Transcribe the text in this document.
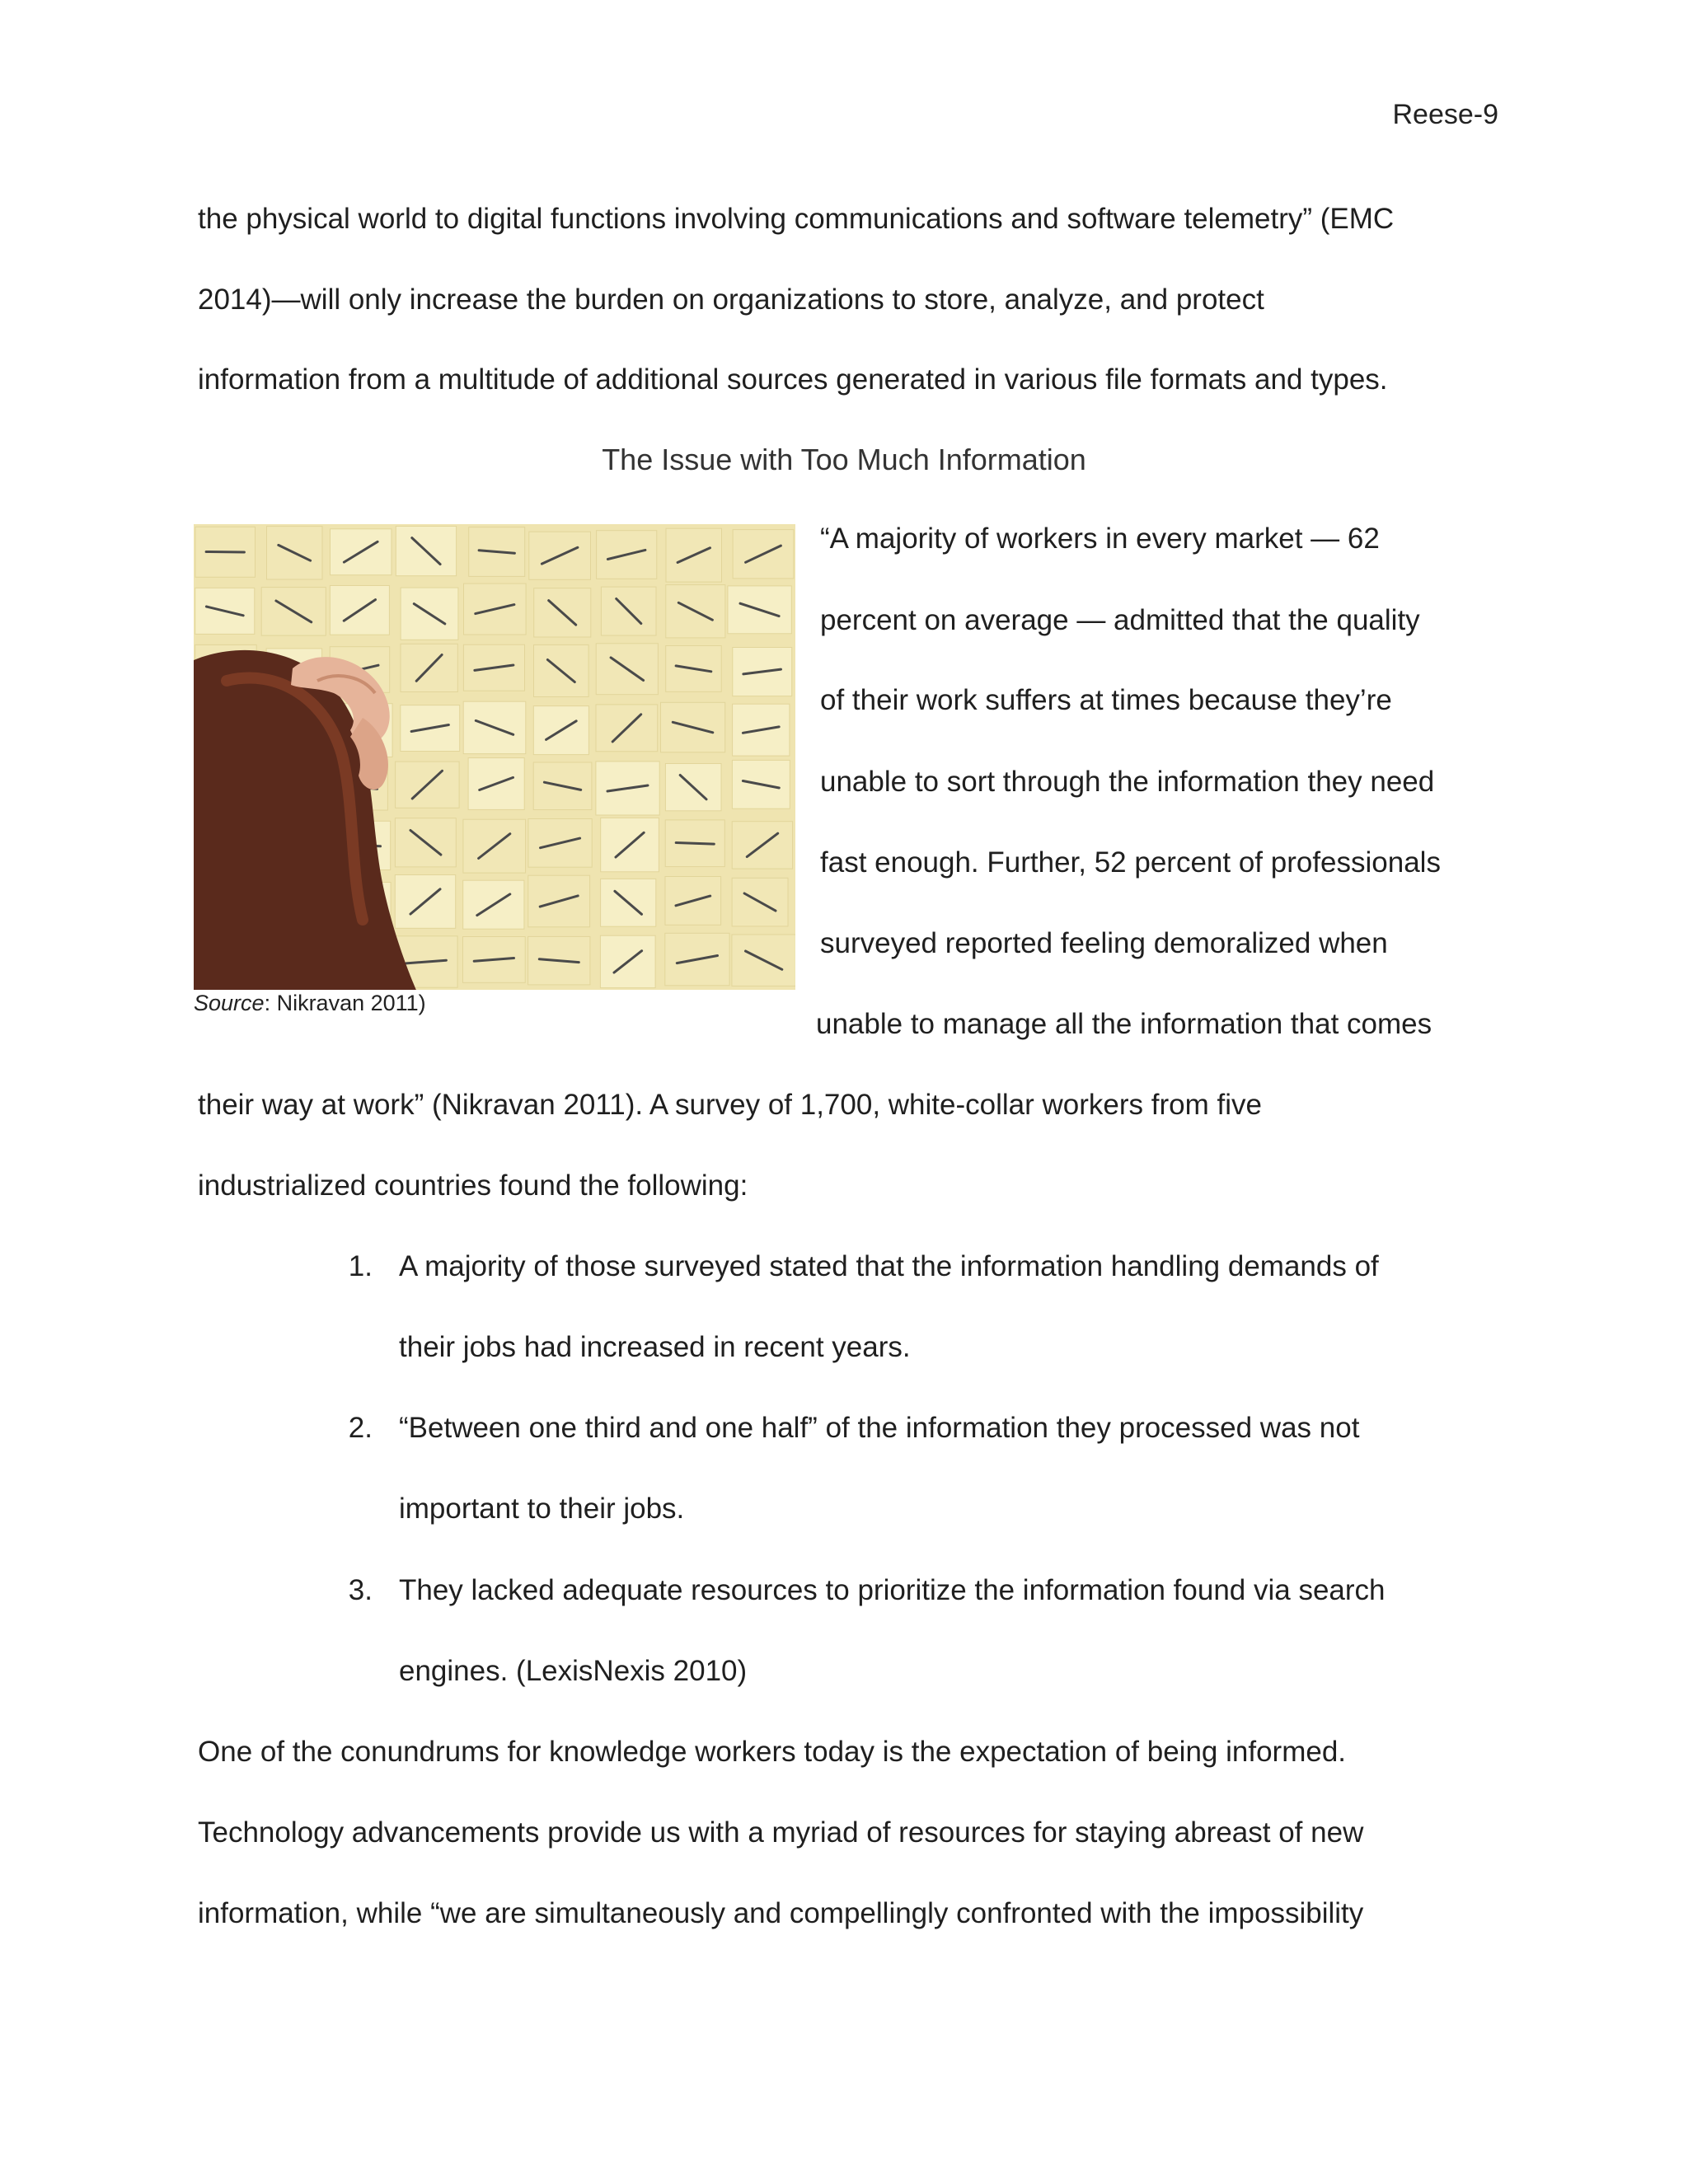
Reese-9
the physical world to digital functions involving communications and software telemetry” (EMC
2014)—will only increase the burden on organizations to store, analyze, and protect
information from a multitude of additional sources generated in various file formats and types.
The Issue with Too Much Information
Source: Nikravan 2011)
“A majority of workers in every market — 62
percent on average — admitted that the quality
of their work suffers at times because they’re
unable to sort through the information they need
fast enough. Further, 52 percent of professionals
surveyed reported feeling demoralized when
unable to manage all the information that comes
their way at work” (Nikravan 2011). A survey of 1,700, white-collar workers from five
industrialized countries found the following:
1. A majority of those surveyed stated that the information handling demands of
their jobs had increased in recent years.
2. “Between one third and one half” of the information they processed was not
important to their jobs.
3. They lacked adequate resources to prioritize the information found via search
engines. (LexisNexis 2010)
One of the conundrums for knowledge workers today is the expectation of being informed.
Technology advancements provide us with a myriad of resources for staying abreast of new
information, while “we are simultaneously and compellingly confronted with the impossibility
